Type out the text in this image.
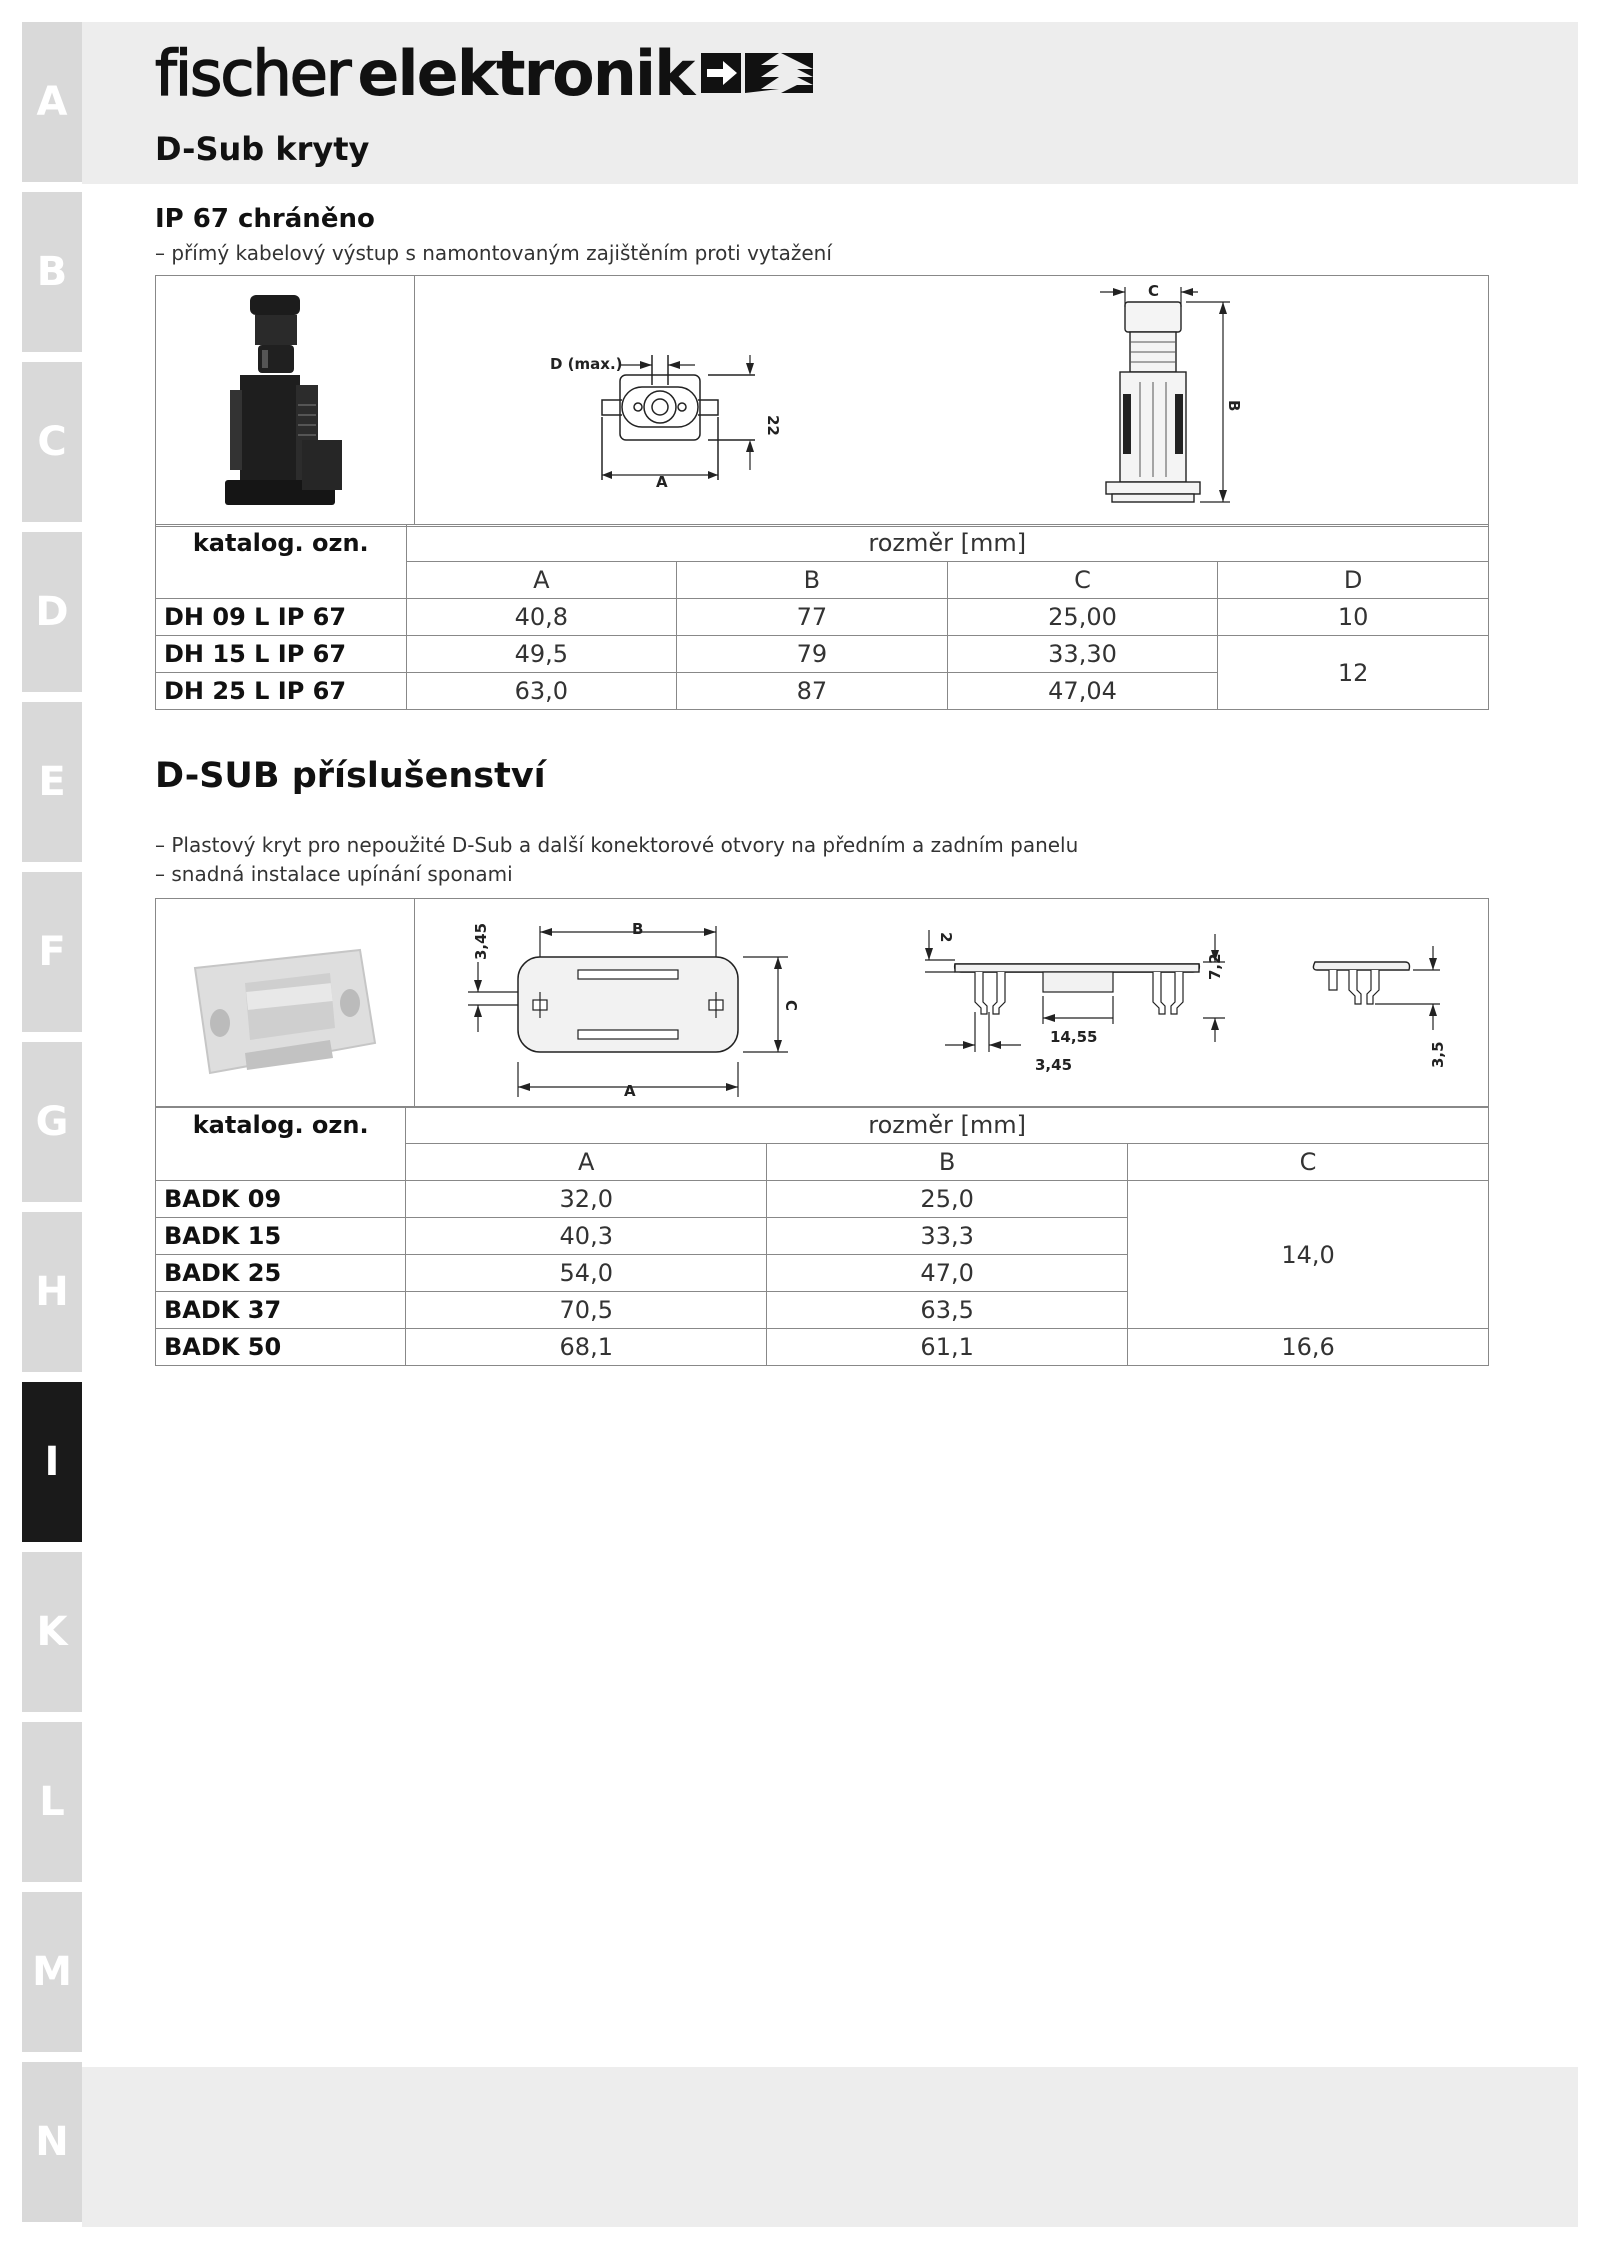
A
B
C
D
E
F
G
H
I
K
L
M
N
fischer elektronik
D-Sub kryty
IP 67 chráněno
– přímý kabelový výstup s namontovaným zajištěním proti vytažení
D (max.)
22
A
C
B
katalog. ozn.	rozměr [mm]			
	A	B	C	D
DH 09 L IP 67	40,8	77	25,00	10
DH 15 L IP 67	49,5	79	33,30	12
DH 25 L IP 67	63,0	87	47,04	
D-SUB příslušenství
– Plastový kryt pro nepoužité D-Sub a další konektorové otvory na předním a zadním panelu
– snadná instalace upínání sponami
B
A
C
3,45	2
7,2
14,55
3,45	3,5
katalog. ozn.	rozměr [mm]		
	A	B	C
BADK 09	32,0	25,0	14,0
BADK 15	40,3	33,3	
BADK 25	54,0	47,0	
BADK 37	70,5	63,5	
BADK 50	68,1	61,1	16,6
